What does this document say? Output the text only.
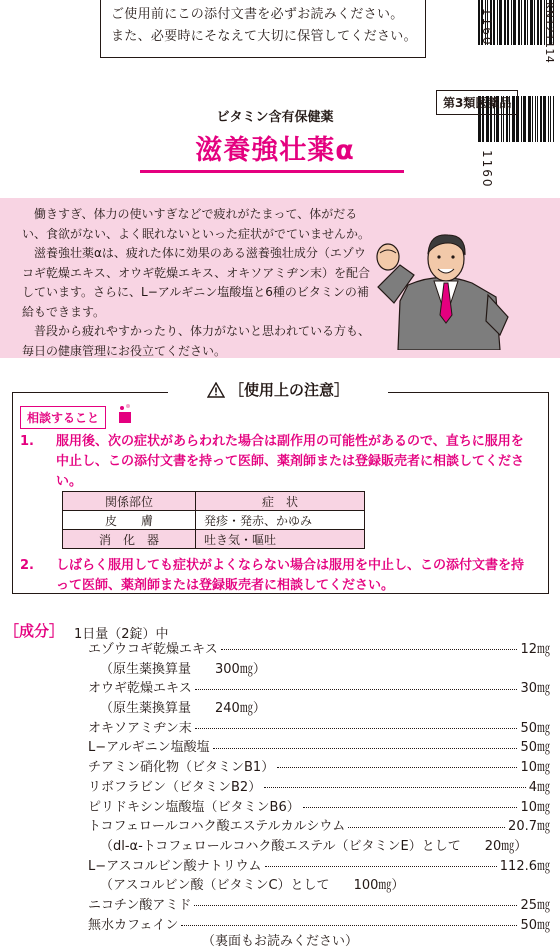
ご使用前にこの添付文書を必ずお読みください。
また、必要時にそなえて大切に保管してください。	1160	KN121114
1160
第3類医薬品
ビタミン含有保健薬
滋養強壮薬α

働きすぎ、体力の使いすぎなどで疲れがたまって、体がだるい、食欲がない、よく眠れないといった症状がでていませんか。

滋養強壮薬αは、疲れた体に効果のある滋養強壮成分（エゾウコギ乾燥エキス、オウギ乾燥エキス、オキソアミヂン末）を配合しています。さらに、L−アルギニン塩酸塩と6種のビタミンの補給もできます。

普段から疲れやすかったり、体力がないと思われている方も、毎日の健康管理にお役立てください。

［使用上の注意］
相談すること
1. 服用後、次の症状があらわれた場合は副作用の可能性があるので、直ちに服用を中止し、この添付文書を持って医師、薬剤師または登録販売者に相談してください。
関係部位	症　状
皮　　膚	発疹・発赤、かゆみ
消　化　器	吐き気・嘔吐
2. しばらく服用しても症状がよくならない場合は服用を中止し、この添付文書を持って医師、薬剤師または登録販売者に相談してください。
［成分］ 1日量（2錠）中
エゾウコギ乾燥エキス	12㎎
（原生薬換算量 300㎎）
オウギ乾燥エキス	30㎎
（原生薬換算量 240㎎）
オキソアミヂン末	50㎎
L−アルギニン塩酸塩	50㎎
チアミン硝化物（ビタミンB1）	10㎎
リボフラビン（ビタミンB2）	4㎎
ピリドキシン塩酸塩（ビタミンB6）	10㎎
トコフェロールコハク酸エステルカルシウム	20.7㎎
（dl-α-トコフェロールコハク酸エステル（ビタミンE）として 20㎎）
L−アスコルビン酸ナトリウム	112.6㎎
（アスコルビン酸（ビタミンC）として 100㎎）
ニコチン酸アミド	25㎎
無水カフェイン	50㎎
（裏面もお読みください）
